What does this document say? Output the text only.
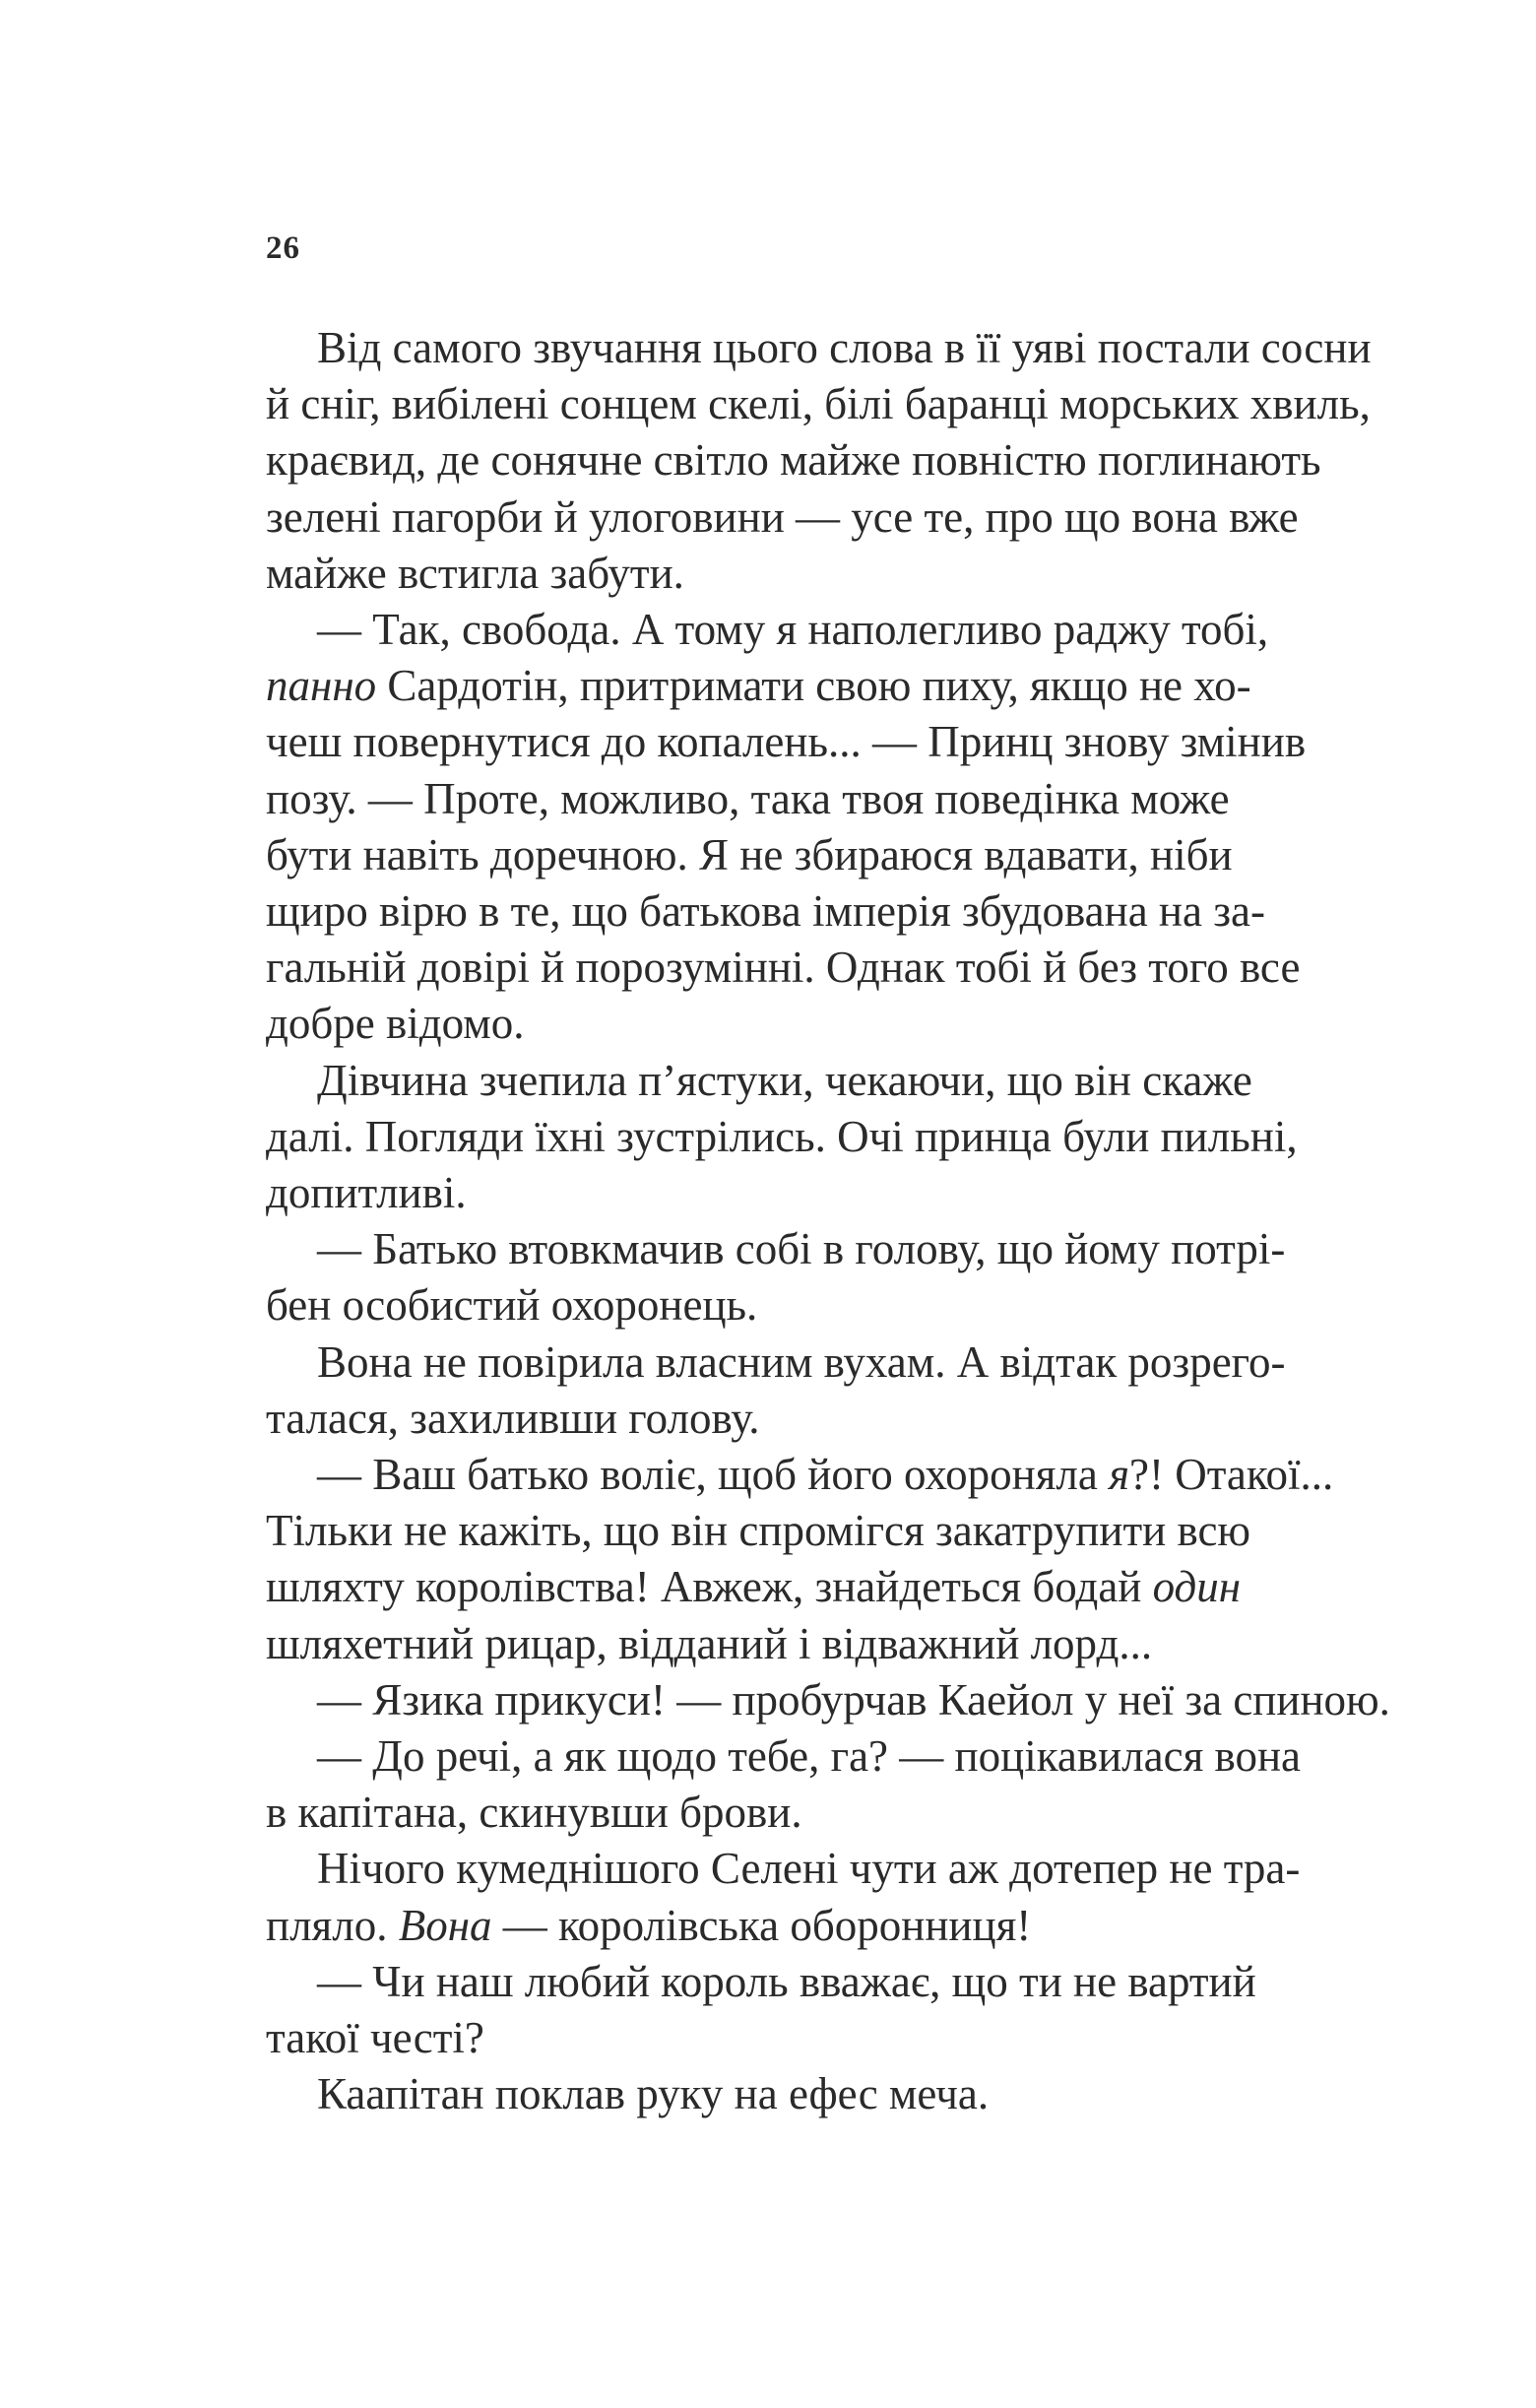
26

Від самого звучання цього слова в її уяві постали сосни
й сніг, вибілені сонцем скелі, білі баранці морських хвиль,
краєвид, де сонячне світло майже повністю поглинають
зелені пагорби й улоговини — усе те, про що вона вже
майже встигла забути.

— Так, свобода. А тому я наполегливо раджу тобі,
панно Сардотін, притримати свою пиху, якщо не хо-
чеш повернутися до копалень... — Принц знову змінив
позу. — Проте, можливо, така твоя поведінка може
бути навіть доречною. Я не збираюся вдавати, ніби
щиро вірю в те, що батькова імперія збудована на за-
гальній довірі й порозумінні. Однак тобі й без того все
добре відомо.

Дівчина зчепила п’ястуки, чекаючи, що він скаже
далі. Погляди їхні зустрілись. Очі принца були пильні,
допитливі.

— Батько втовкмачив собі в голову, що йому потрі-
бен особистий охоронець.

Вона не повірила власним вухам. А відтак розрего-
талася, захиливши голову.

— Ваш батько воліє, щоб його охороняла я?! Отакої...
Тільки не кажіть, що він спромігся закатрупити всю
шляхту королівства! Авжеж, знайдеться бодай один
шляхетний рицар, відданий і відважний лорд...

— Язика прикуси! — пробурчав Каейол у неї за спиною.

— До речі, а як щодо тебе, га? — поцікавилася вона
в капітана, скинувши брови.

Нічого кумеднішого Селені чути аж дотепер не тра-
пляло. Вона — королівська оборонниця!

— Чи наш любий король вважає, що ти не вартий
такої честі?

Каапітан поклав руку на ефес меча.
